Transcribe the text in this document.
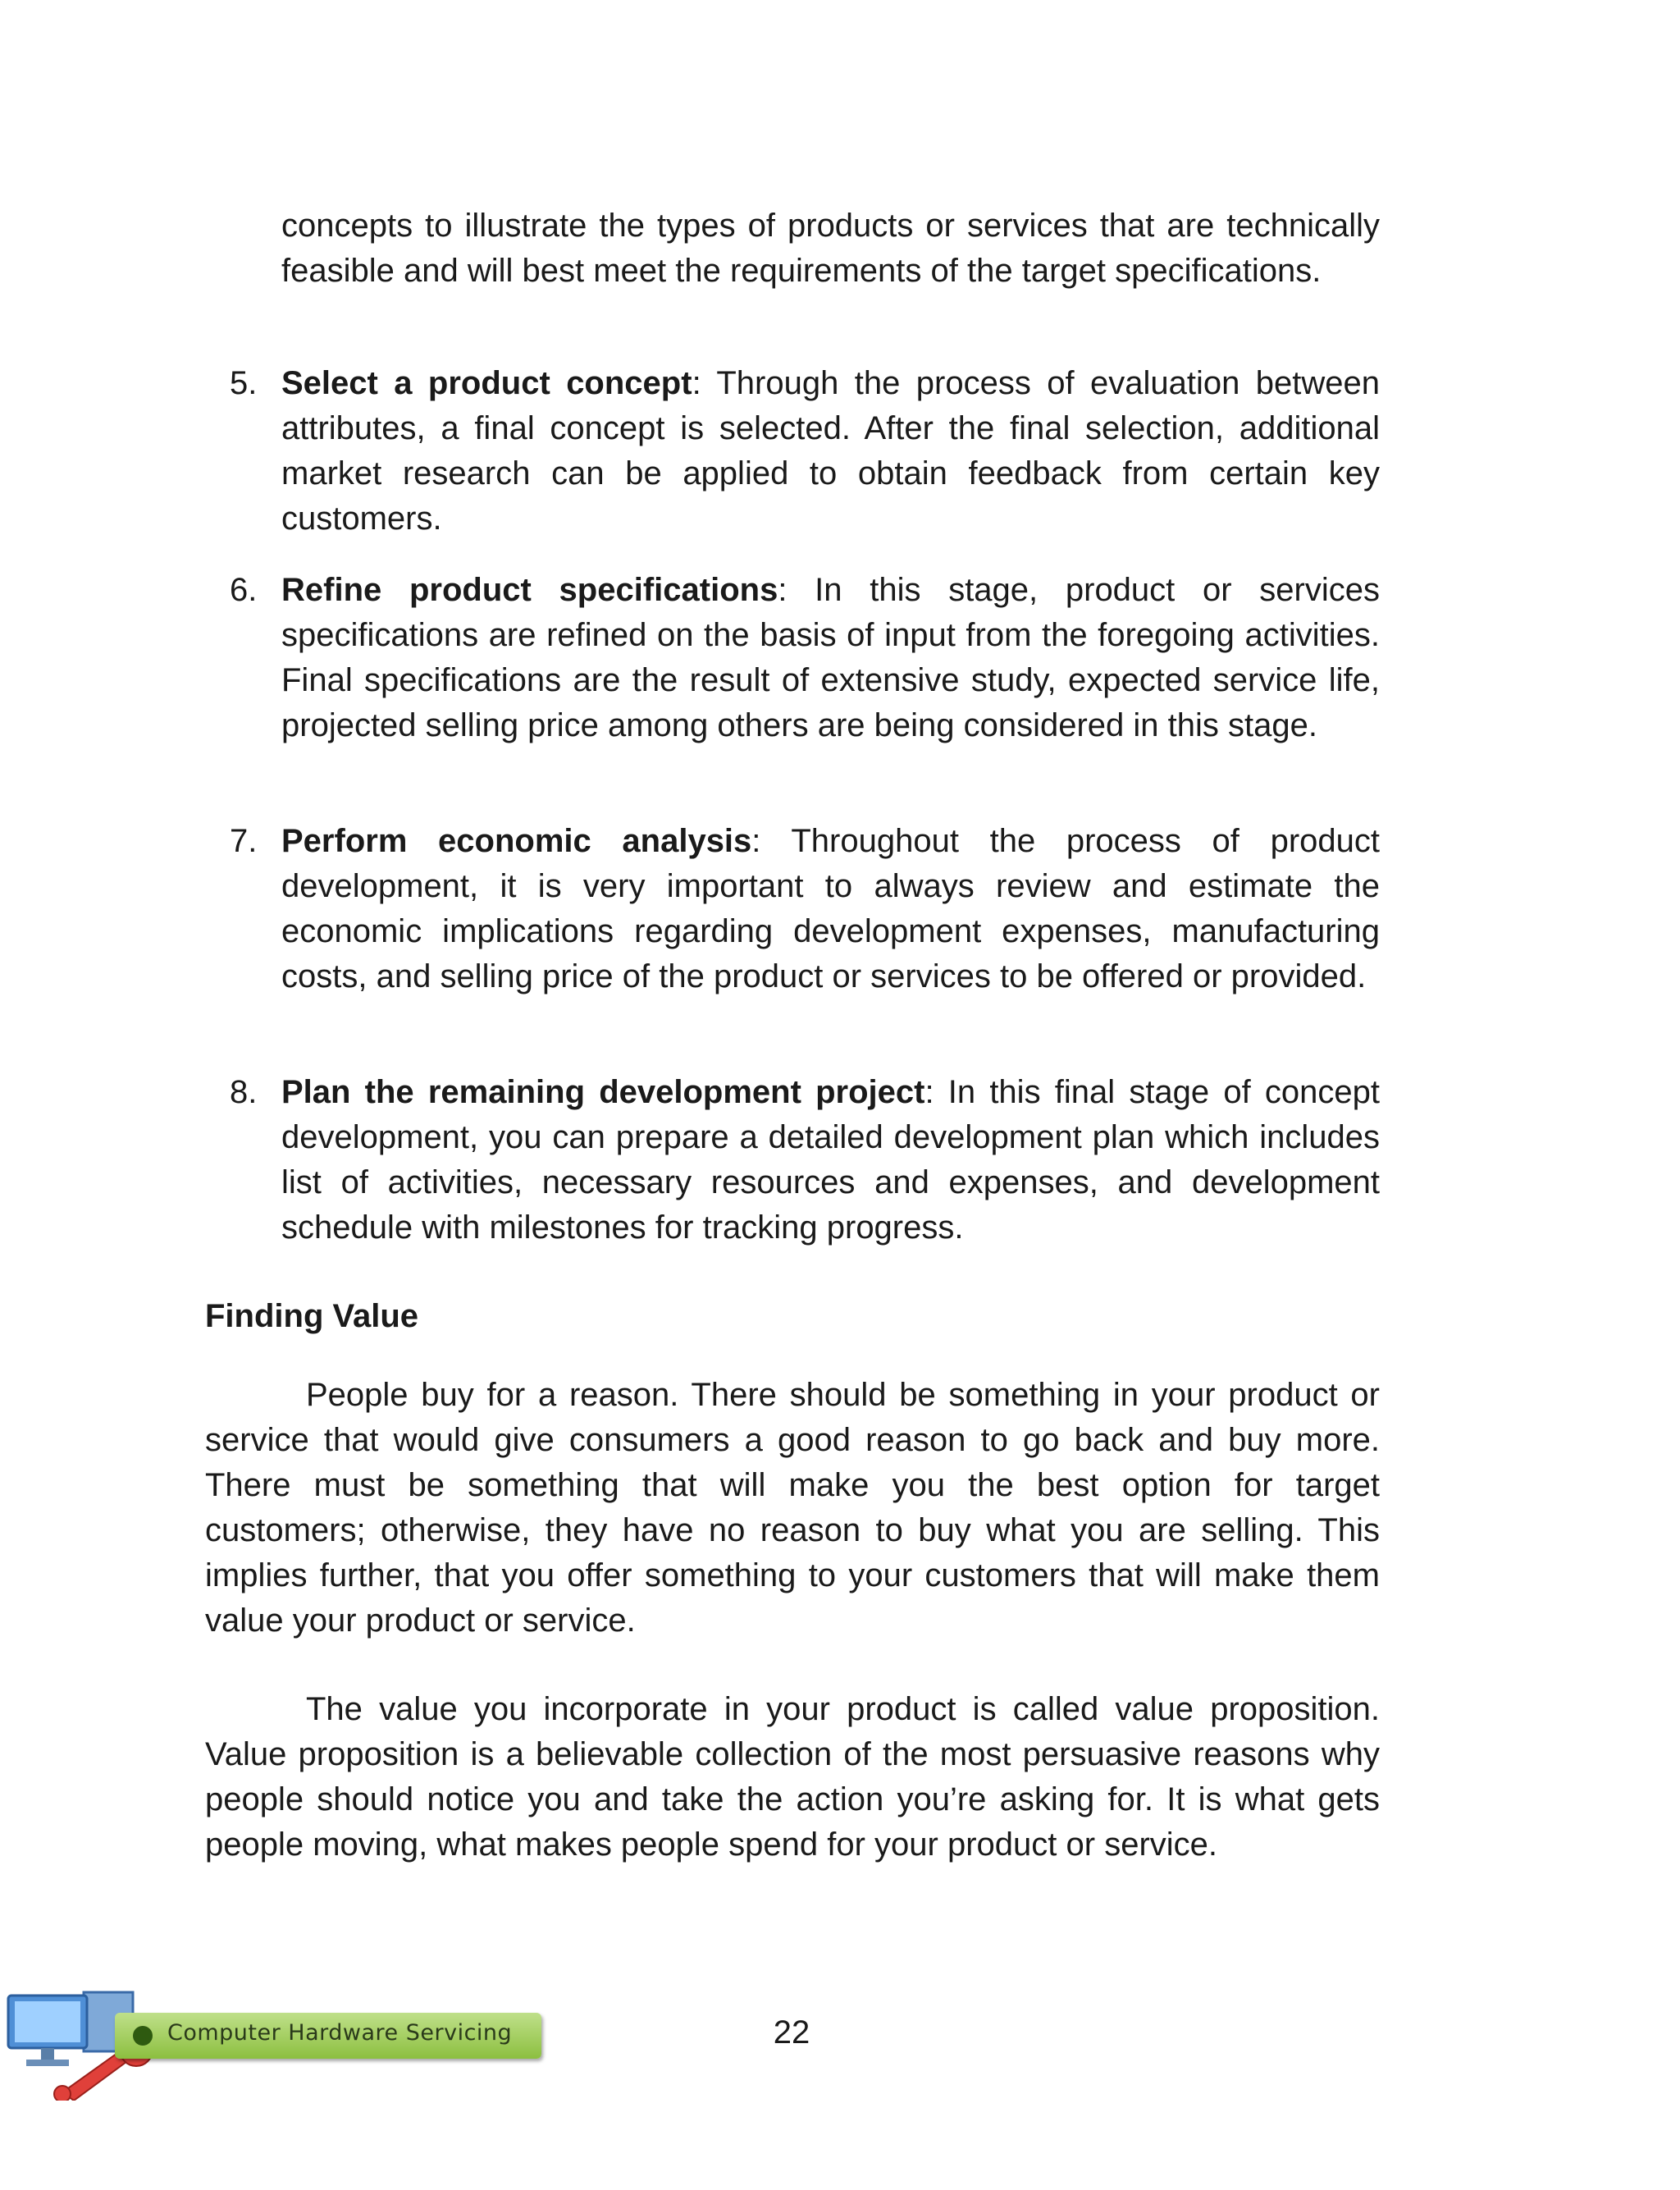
concepts to illustrate the types of products or services that are technically feasible and will best meet the requirements of the target specifications.
5. Select a product concept: Through the process of evaluation between attributes, a final concept is selected. After the final selection, additional market research can be applied to obtain feedback from certain key customers.
6. Refine product specifications: In this stage, product or services specifications are refined on the basis of input from the foregoing activities. Final specifications are the result of extensive study, expected service life, projected selling price among others are being considered in this stage.
7. Perform economic analysis: Throughout the process of product development, it is very important to always review and estimate the economic implications regarding development expenses, manufacturing costs, and selling price of the product or services to be offered or provided.
8. Plan the remaining development project: In this final stage of concept development, you can prepare a detailed development plan which includes list of activities, necessary resources and expenses, and development schedule with milestones for tracking progress.
Finding Value
People buy for a reason. There should be something in your product or service that would give consumers a good reason to go back and buy more. There must be something that will make you the best option for target customers; otherwise, they have no reason to buy what you are selling. This implies further, that you offer something to your customers that will make them value your product or service.
The value you incorporate in your product is called value proposition. Value proposition is a believable collection of the most persuasive reasons why people should notice you and take the action you’re asking for. It is what gets people moving, what makes people spend for your product or service.
Computer Hardware Servicing	22
